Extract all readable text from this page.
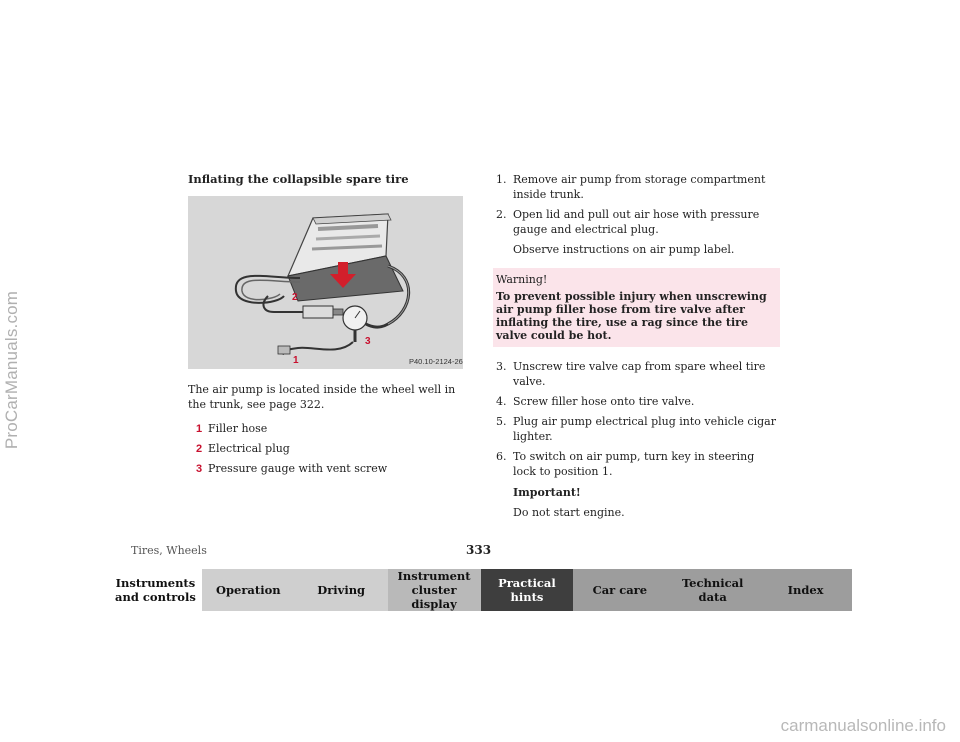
ProCarManuals.com
carmanualsonline.info
Inflating the collapsible spare tire
2
1
3
P40.10-2124-26
The air pump is located inside the wheel well in the trunk, see page 322.
1 Filler hose
2 Electrical plug
3 Pressure gauge with vent screw
1. Remove air pump from storage compartment inside trunk.
2. Open lid and pull out air hose with pressure gauge and electrical plug.
Observe instructions on air pump label.
Warning!
To prevent possible injury when unscrewing air pump filler hose from tire valve after inflating the tire, use a rag since the tire valve could be hot.
3. Unscrew tire valve cap from spare wheel tire valve.
4. Screw filler hose onto tire valve.
5. Plug air pump electrical plug into vehicle cigar lighter.
6. To switch on air pump, turn key in steering lock to position 1.
Important!
Do not start engine.
Tires, Wheels	333
Instruments
and controls Operation	Driving
Instrument
cluster display
Practical hints	Car care	Technical
data	Index
